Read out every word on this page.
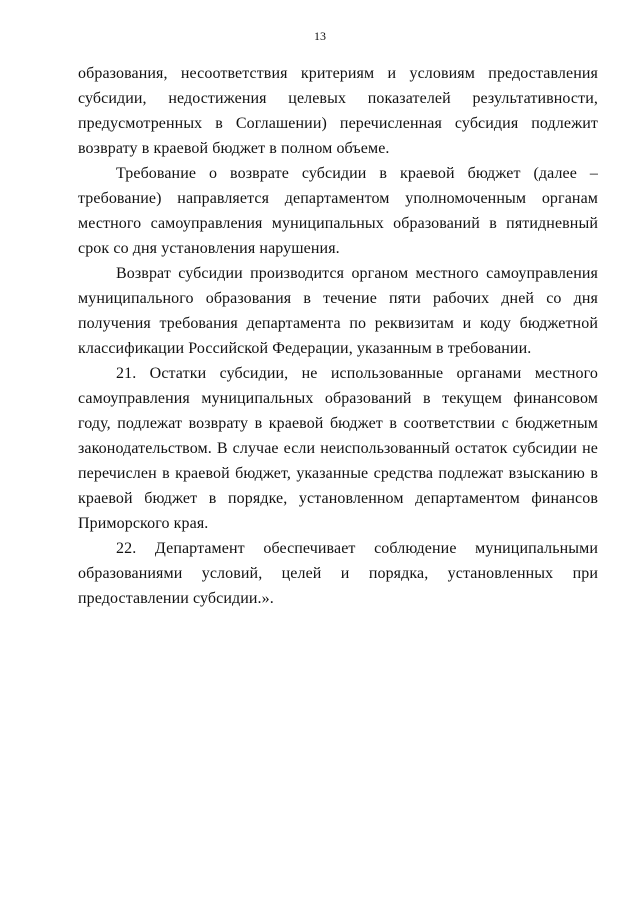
13

образования, несоответствия критериям и условиям предоставления субсидии, недостижения целевых показателей результативности, предусмотренных в Соглашении) перечисленная субсидия подлежит возврату в краевой бюджет в полном объеме.

Требование о возврате субсидии в краевой бюджет (далее – требование) направляется департаментом уполномоченным органам местного самоуправления муниципальных образований в пятидневный срок со дня установления нарушения.

Возврат субсидии производится органом местного самоуправления муниципального образования в течение пяти рабочих дней со дня получения требования департамента по реквизитам и коду бюджетной классификации Российской Федерации, указанным в требовании.

21. Остатки субсидии, не использованные органами местного самоуправления муниципальных образований в текущем финансовом году, подлежат возврату в краевой бюджет в соответствии с бюджетным законодательством. В случае если неиспользованный остаток субсидии не перечислен в краевой бюджет, указанные средства подлежат взысканию в краевой бюджет в порядке, установленном департаментом финансов Приморского края.

22. Департамент обеспечивает соблюдение муниципальными образованиями условий, целей и порядка, установленных при предоставлении субсидии.».
